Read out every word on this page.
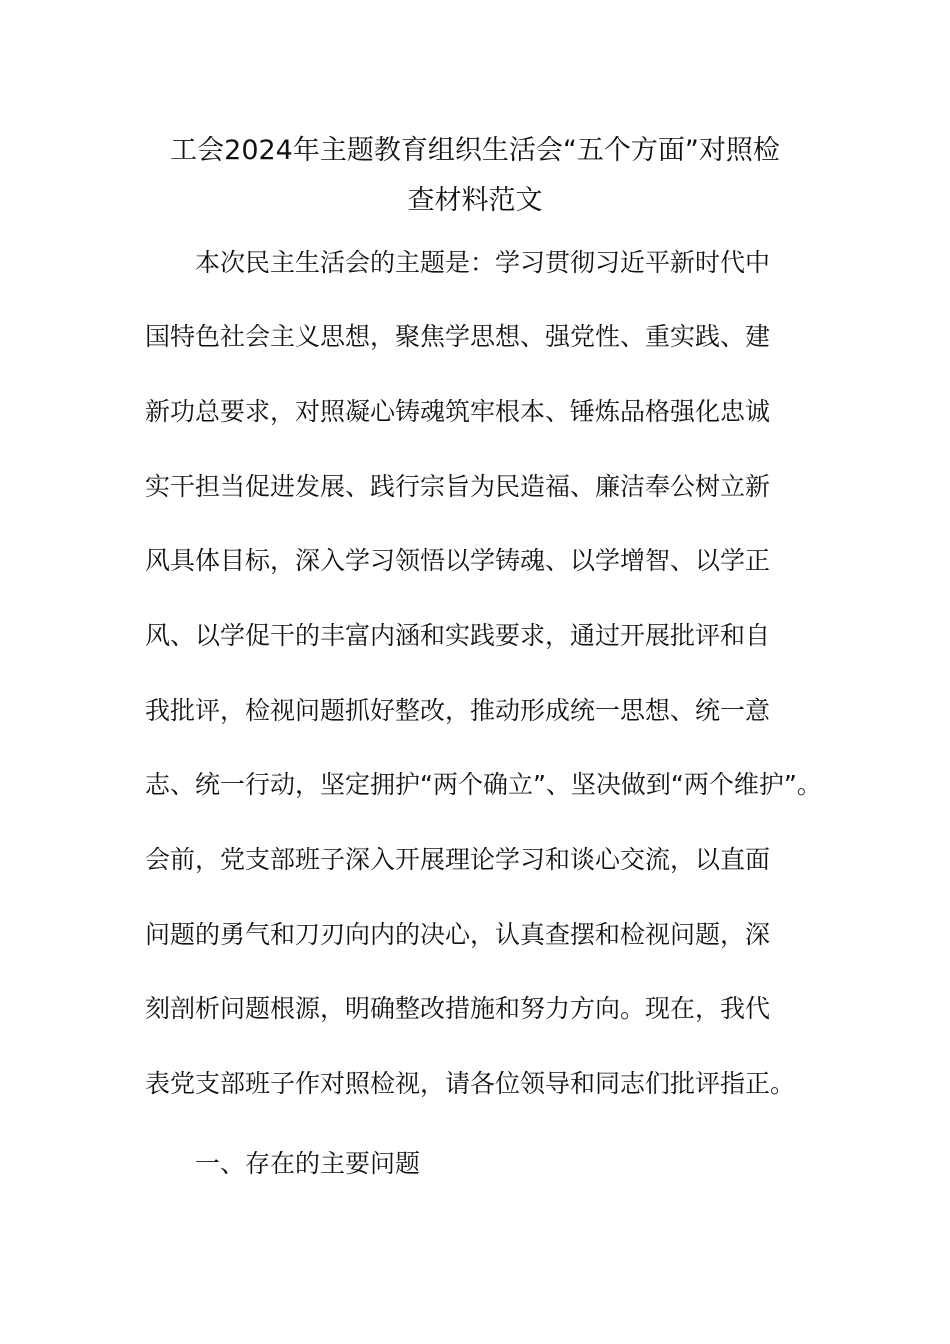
工会2024年主题教育组织生活会“五个方面”对照检
查材料范文

本次民主生活会的主题是：学习贯彻习近平新时代中

国特色社会主义思想，聚焦学思想、强党性、重实践、建

新功总要求，对照凝心铸魂筑牢根本、锤炼品格强化忠诚

实干担当促进发展、践行宗旨为民造福、廉洁奉公树立新

风具体目标，深入学习领悟以学铸魂、以学增智、以学正

风、以学促干的丰富内涵和实践要求，通过开展批评和自

我批评，检视问题抓好整改，推动形成统一思想、统一意

志、统一行动，坚定拥护“两个确立”、坚决做到“两个维护”。

会前，党支部班子深入开展理论学习和谈心交流，以直面

问题的勇气和刀刃向内的决心，认真查摆和检视问题，深

刻剖析问题根源，明确整改措施和努力方向。现在，我代

表党支部班子作对照检视，请各位领导和同志们批评指正。

一、存在的主要问题
